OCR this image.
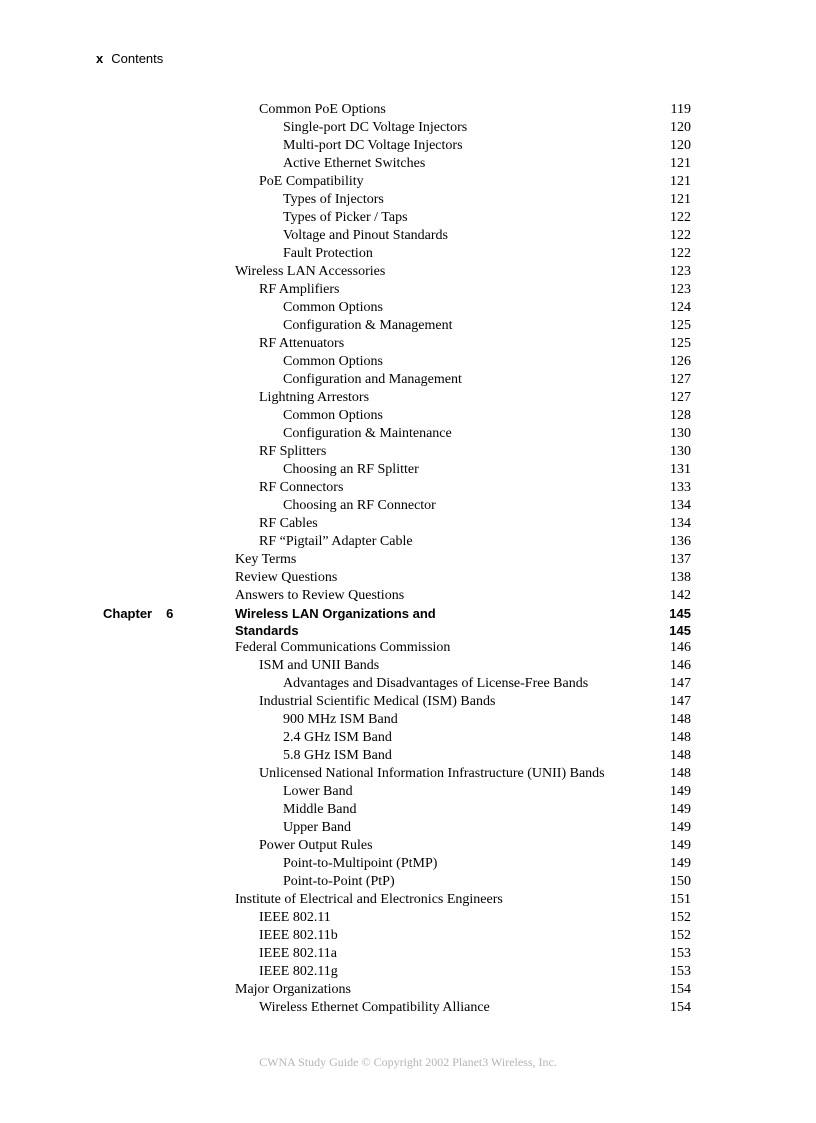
x Contents
Common PoE Options	119
Single-port DC Voltage Injectors	120
Multi-port DC Voltage Injectors	120
Active Ethernet Switches	121
PoE Compatibility	121
Types of Injectors	121
Types of Picker / Taps	122
Voltage and Pinout Standards	122
Fault Protection	122
Wireless LAN Accessories	123
RF Amplifiers	123
Common Options	124
Configuration & Management	125
RF Attenuators	125
Common Options	126
Configuration and Management	127
Lightning Arrestors	127
Common Options	128
Configuration & Maintenance	130
RF Splitters	130
Choosing an RF Splitter	131
RF Connectors	133
Choosing an RF Connector	134
RF Cables	134
RF “Pigtail” Adapter Cable	136
Key Terms	137
Review Questions	138
Answers to Review Questions	142
Chapter 6	Wireless LAN Organizations and	145
Standards	145
Federal Communications Commission	146
ISM and UNII Bands	146
Advantages and Disadvantages of License-Free Bands	147
Industrial Scientific Medical (ISM) Bands	147
900 MHz ISM Band	148
2.4 GHz ISM Band	148
5.8 GHz ISM Band	148
Unlicensed National Information Infrastructure (UNII) Bands	148
Lower Band	149
Middle Band	149
Upper Band	149
Power Output Rules	149
Point-to-Multipoint (PtMP)	149
Point-to-Point (PtP)	150
Institute of Electrical and Electronics Engineers	151
IEEE 802.11	152
IEEE 802.11b	152
IEEE 802.11a	153
IEEE 802.11g	153
Major Organizations	154
Wireless Ethernet Compatibility Alliance	154
CWNA Study Guide © Copyright 2002 Planet3 Wireless, Inc.
